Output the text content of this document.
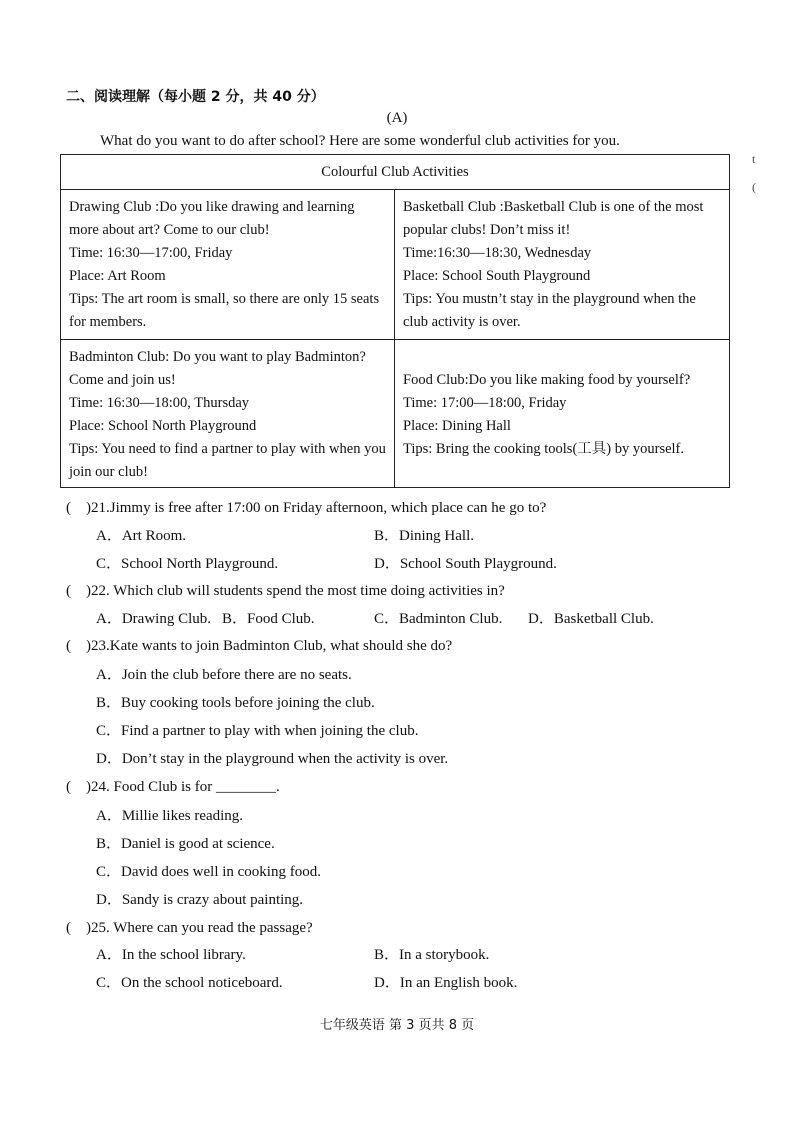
二、阅读理解（每小题 2 分，共 40 分）
(A)
What do you want to do after school? Here are some wonderful club activities for you.
Colourful Club Activities
Drawing Club :Do you like drawing and learning more about art? Come to our club!
Time: 16:30—17:00, Friday
Place: Art Room
Tips: The art room is small, so there are only 15 seats for members.
Basketball Club :Basketball Club is one of the most popular clubs! Don’t miss it!
Time:16:30—18:30, Wednesday
Place: School South Playground
Tips: You mustn’t stay in the playground when the club activity is over.
Badminton Club: Do you want to play Badminton? Come and join us!
Time: 16:30—18:00, Thursday
Place: School North Playground
Tips: You need to find a partner to play with when you join our club!
Food Club:Do you like making food by yourself?
Time: 17:00—18:00, Friday
Place: Dining Hall
Tips: Bring the cooking tools(工具) by yourself.
(　)21.Jimmy is free after 17:00 on Friday afternoon, which place can he go to?
A．Art Room.	B．Dining Hall.
C．School North Playground.	D．School South Playground.
(　)22. Which club will students spend the most time doing activities in?
A．Drawing Club. B．Food Club.	C．Badminton Club. D．Basketball Club.
(　)23.Kate wants to join Badminton Club, what should she do?
A．Join the club before there are no seats.
B．Buy cooking tools before joining the club.
C．Find a partner to play with when joining the club.
D．Don’t stay in the playground when the activity is over.
(　)24. Food Club is for ________.
A．Millie likes reading.
B．Daniel is good at science.
C．David does well in cooking food.
D．Sandy is crazy about painting.
(　)25. Where can you read the passage?
A．In the school library.	B．In a storybook.
C．On the school noticeboard.	D．In an English book.
七年级英语 第 3 页共 8 页
t
(
